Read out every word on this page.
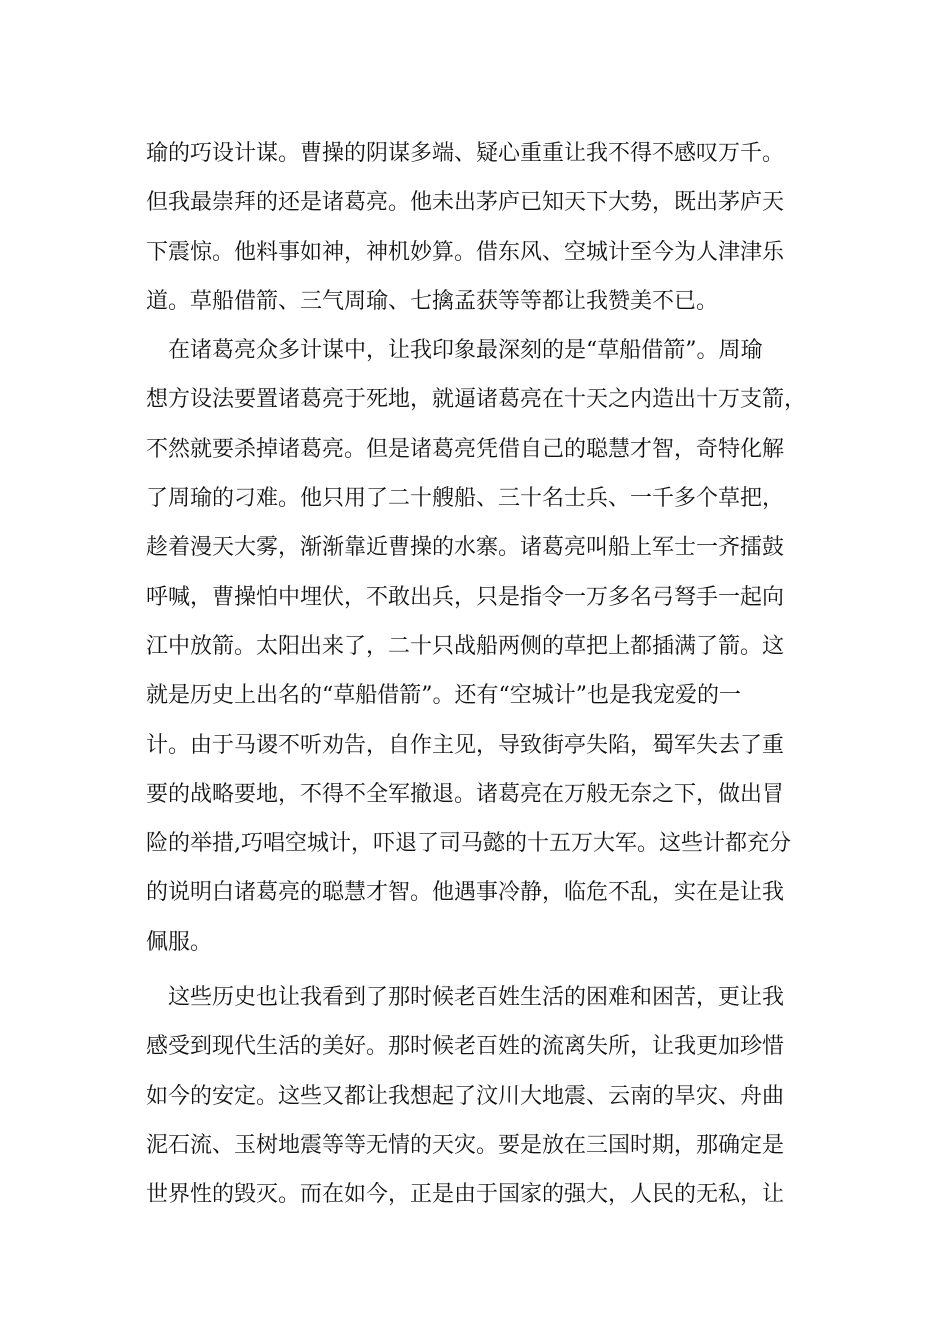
瑜的巧设计谋。曹操的阴谋多端、疑心重重让我不得不感叹万千。

但我最崇拜的还是诸葛亮。他未出茅庐已知天下大势，既出茅庐天

下震惊。他料事如神，神机妙算。借东风、空城计至今为人津津乐

道。草船借箭、三气周瑜、七擒孟获等等都让我赞美不已。

在诸葛亮众多计谋中，让我印象最深刻的是“草船借箭”。周瑜

想方设法要置诸葛亮于死地，就逼诸葛亮在十天之内造出十万支箭，

不然就要杀掉诸葛亮。但是诸葛亮凭借自己的聪慧才智，奇特化解

了周瑜的刁难。他只用了二十艘船、三十名士兵、一千多个草把，

趁着漫天大雾，渐渐靠近曹操的水寨。诸葛亮叫船上军士一齐擂鼓

呼喊，曹操怕中埋伏，不敢出兵，只是指令一万多名弓弩手一起向

江中放箭。太阳出来了，二十只战船两侧的草把上都插满了箭。这

就是历史上出名的“草船借箭”。还有“空城计”也是我宠爱的一

计。由于马谡不听劝告，自作主见，导致街亭失陷，蜀军失去了重

要的战略要地，不得不全军撤退。诸葛亮在万般无奈之下，做出冒

险的举措,巧唱空城计，吓退了司马懿的十五万大军。这些计都充分

的说明白诸葛亮的聪慧才智。他遇事冷静，临危不乱，实在是让我

佩服。

这些历史也让我看到了那时候老百姓生活的困难和困苦，更让我

感受到现代生活的美好。那时候老百姓的流离失所，让我更加珍惜

如今的安定。这些又都让我想起了汶川大地震、云南的旱灾、舟曲

泥石流、玉树地震等等无情的天灾。要是放在三国时期，那确定是

世界性的毁灭。而在如今，正是由于国家的强大，人民的无私，让
